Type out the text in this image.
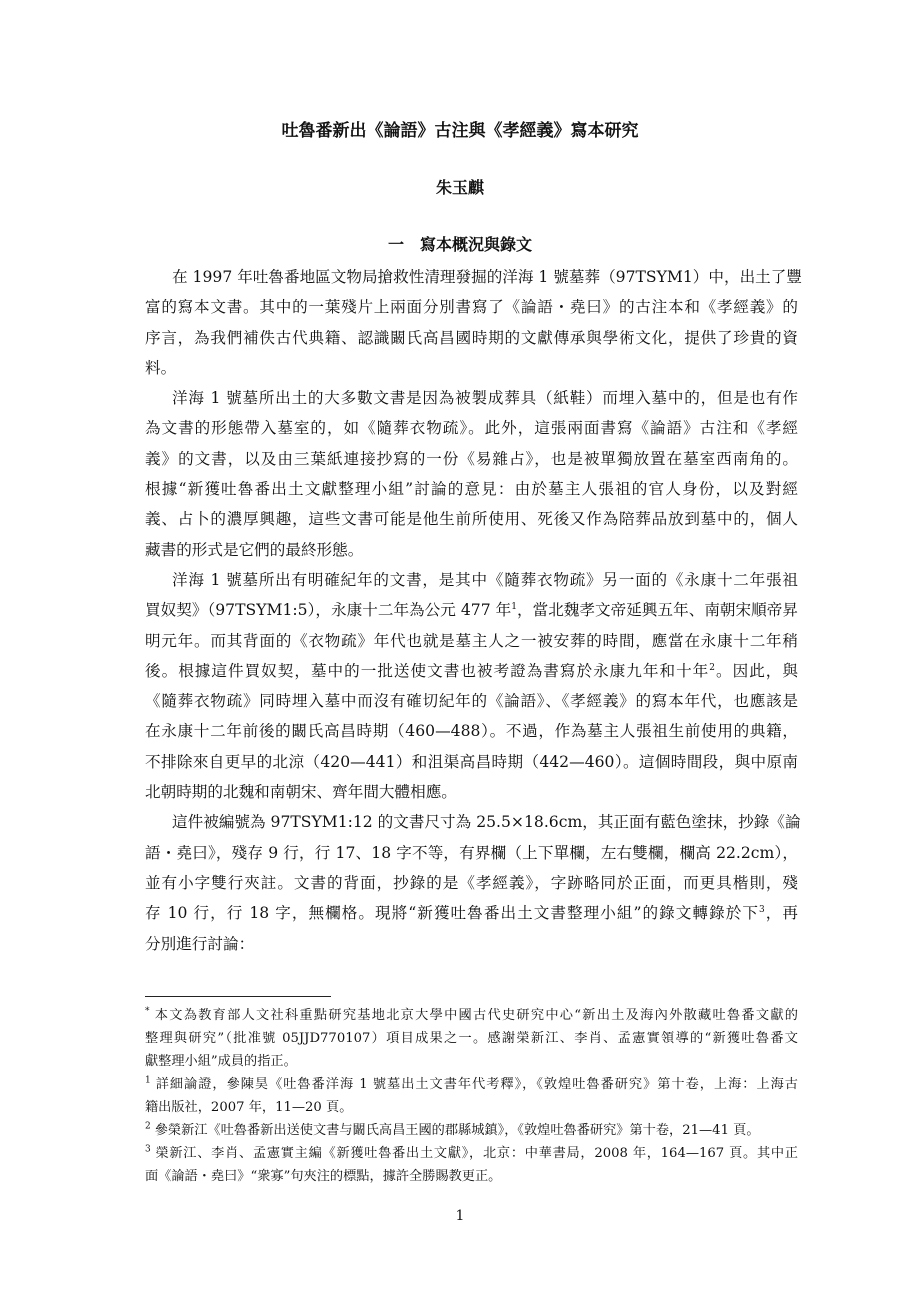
吐魯番新出《論語》古注與《孝經義》寫本研究
朱玉麒
一　寫本概況與錄文
在 1997 年吐魯番地區文物局搶救性清理發掘的洋海 1 號墓葬（97TSYM1）中，出土了豐
富的寫本文書。其中的一葉殘片上兩面分別書寫了《論語・堯曰》的古注本和《孝經義》的
序言，為我們補佚古代典籍、認識闞氏高昌國時期的文獻傳承與學術文化，提供了珍貴的資
料。
洋海 1 號墓所出土的大多數文書是因為被製成葬具（紙鞋）而埋入墓中的，但是也有作
為文書的形態帶入墓室的，如《隨葬衣物疏》。此外，這張兩面書寫《論語》古注和《孝經
義》的文書，以及由三葉紙連接抄寫的一份《易雜占》，也是被單獨放置在墓室西南角的。
根據“新獲吐魯番出土文獻整理小組”討論的意見：由於墓主人張祖的官人身份，以及對經
義、占卜的濃厚興趣，這些文書可能是他生前所使用、死後又作為陪葬品放到墓中的，個人
藏書的形式是它們的最終形態。
洋海 1 號墓所出有明確紀年的文書，是其中《隨葬衣物疏》另一面的《永康十二年張祖
買奴契》（97TSYM1:5），永康十二年為公元 477 年$^1$，當北魏孝文帝延興五年、南朝宋順帝昇
明元年。而其背面的《衣物疏》年代也就是墓主人之一被安葬的時間，應當在永康十二年稍
後。根據這件買奴契，墓中的一批送使文書也被考證為書寫於永康九年和十年$^2$。因此，與
《隨葬衣物疏》同時埋入墓中而沒有確切紀年的《論語》、《孝經義》的寫本年代，也應該是
在永康十二年前後的闞氏高昌時期（460—488）。不過，作為墓主人張祖生前使用的典籍，
不排除來自更早的北涼（420—441）和沮渠高昌時期（442—460）。這個時間段，與中原南
北朝時期的北魏和南朝宋、齊年間大體相應。
這件被編號為 97TSYM1:12 的文書尺寸為 25.5×18.6cm，其正面有藍色塗抹，抄錄《論
語・堯曰》，殘存 9 行，行 17、18 字不等，有界欄（上下單欄，左右雙欄，欄高 22.2cm），
並有小字雙行夾註。文書的背面，抄錄的是《孝經義》，字跡略同於正面，而更具楷則，殘
存 10 行，行 18 字，無欄格。現將“新獲吐魯番出土文書整理小組”的錄文轉錄於下$^3$，再
分別進行討論：
* 本文為教育部人文社科重點研究基地北京大學中國古代史研究中心“新出土及海內外散藏吐魯番文獻的
整理與研究”（批准號 05JJD770107）項目成果之一。感謝榮新江、李肖、孟憲實領導的“新獲吐魯番文
獻整理小組”成員的指正。
$^1$ 詳細論證，參陳昊《吐魯番洋海 1 號墓出土文書年代考釋》，《敦煌吐魯番研究》第十卷，上海：上海古
籍出版社，2007 年，11—20 頁。
$^2$ 參榮新江《吐魯番新出送使文書与闞氏高昌王國的郡縣城鎮》，《敦煌吐魯番研究》第十卷，21—41 頁。
$^3$ 榮新江、李肖、孟憲實主編《新獲吐魯番出土文獻》，北京：中華書局，2008 年，164—167 頁。其中正
面《論語・堯曰》“衆寡”句夾注的標點，據許全勝賜教更正。
1
